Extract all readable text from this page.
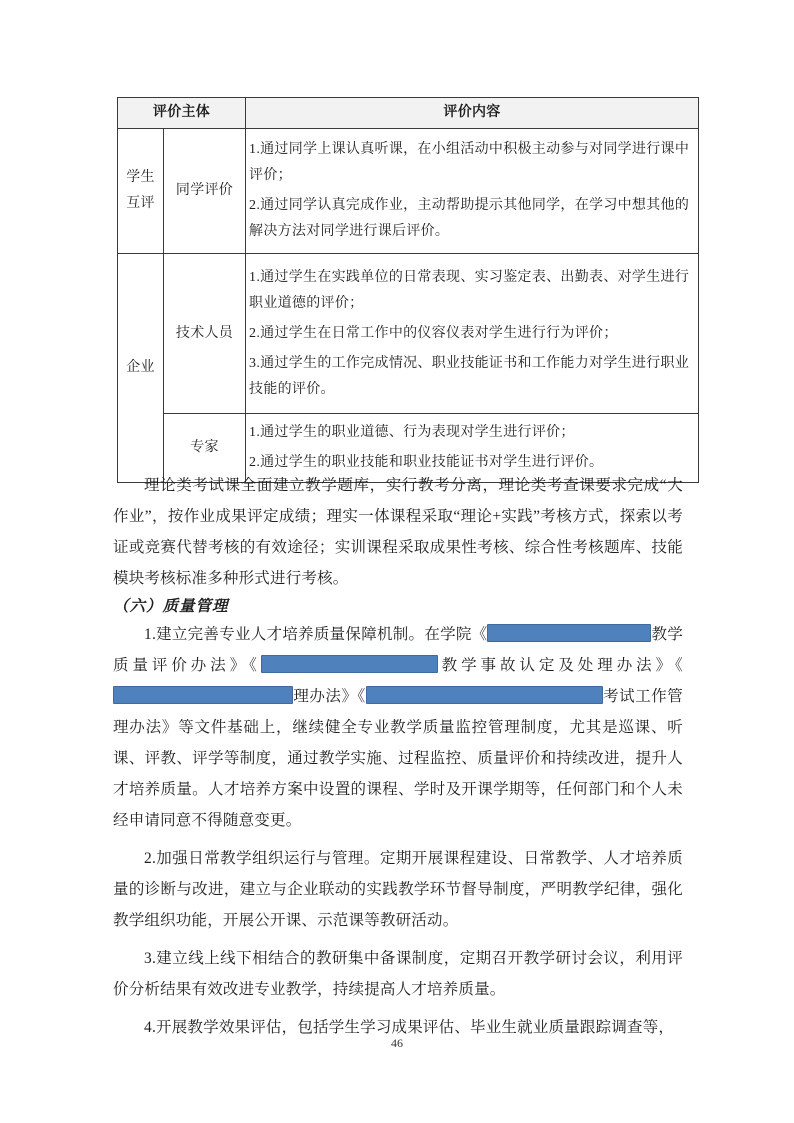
评价主体		评价内容
学生互评	同学评价	1.通过同学上课认真听课，在小组活动中积极主动参与对同学进行课中评价；
2.通过同学认真完成作业，主动帮助提示其他同学，在学习中想其他的解决方法对同学进行课后评价。

企业	技术人员	1.通过学生在实践单位的日常表现、实习鉴定表、出勤表、对学生进行职业道德的评价；
2.通过学生在日常工作中的仪容仪表对学生进行行为评价；
3.通过学生的工作完成情况、职业技能证书和工作能力对学生进行职业技能的评价。

	专家	1.通过学生的职业道德、行为表现对学生进行评价；
2.通过学生的职业技能和职业技能证书对学生进行评价。

理论类考试课全面建立教学题库，实行教考分离，理论类考查课要求完成“大作业”，按作业成果评定成绩；理实一体课程采取“理论+实践”考核方式，探索以考证或竞赛代替考核的有效途径；实训课程采取成果性考核、综合性考核题库、技能模块考核标准多种形式进行考核。

（六）质量管理

1.建立完善专业人才培养质量保障机制。在学院《	教学质量评价办法》《	教学事故认定及处理办法》《理办法》《	考试工作管理办法》等文件基础上，继续健全专业教学质量监控管理制度，尤其是巡课、听课、评教、评学等制度，通过教学实施、过程监控、质量评价和持续改进，提升人才培养质量。人才培养方案中设置的课程、学时及开课学期等，任何部门和个人未经申请同意不得随意变更。

2.加强日常教学组织运行与管理。定期开展课程建设、日常教学、人才培养质量的诊断与改进，建立与企业联动的实践教学环节督导制度，严明教学纪律，强化教学组织功能，开展公开课、示范课等教研活动。

3.建立线上线下相结合的教研集中备课制度，定期召开教学研讨会议，利用评价分析结果有效改进专业教学，持续提高人才培养质量。

4.开展教学效果评估，包括学生学习成果评估、毕业生就业质量跟踪调查等，

46
